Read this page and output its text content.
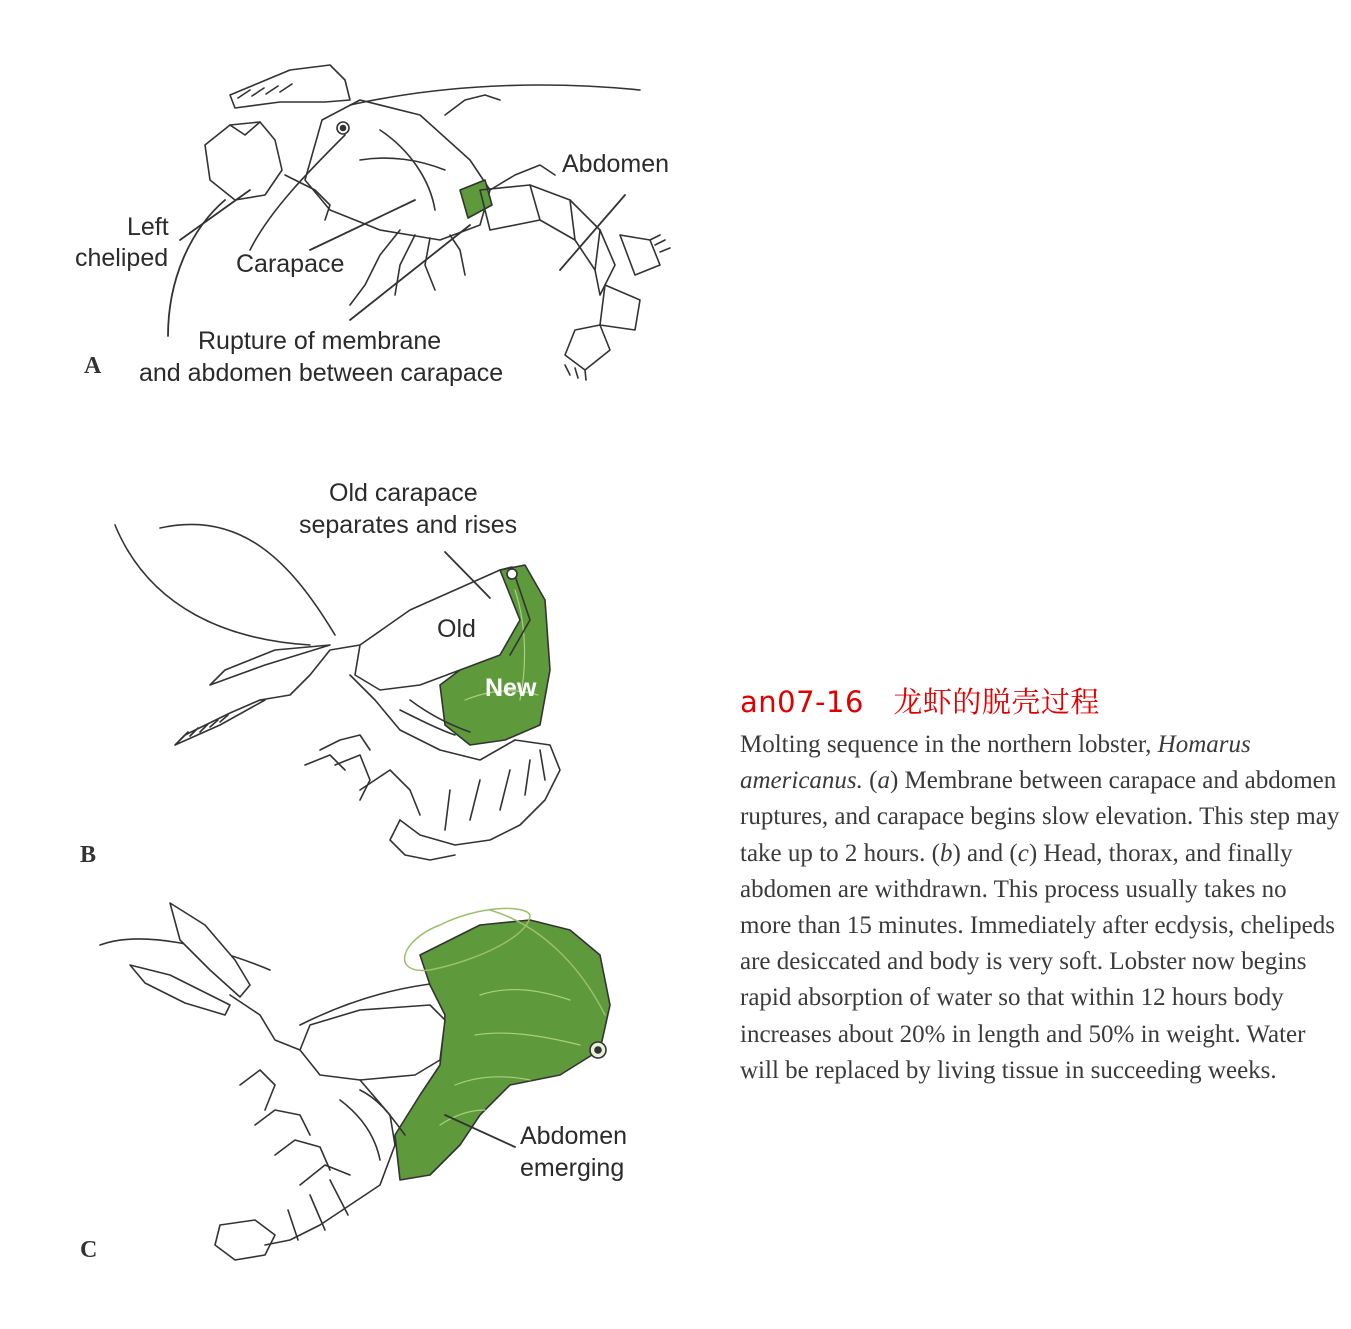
Abdomen
Left
cheliped	Carapace
Rupture of membrane
and abdomen between carapace
A
Old carapace
separates and rises
Old
New
B
Abdomen
emerging
C
an07-16　龙虾的脱壳过程

Molting sequence in the northern lobster, Homarus americanus. (a) Membrane between carapace and abdomen ruptures, and carapace begins slow elevation. This step may take up to 2 hours. (b) and (c) Head, thorax, and finally abdomen are withdrawn. This process usually takes no more than 15 minutes. Immediately after ecdysis, chelipeds are desiccated and body is very soft. Lobster now begins rapid absorption of water so that within 12 hours body increases about 20% in length and 50% in weight. Water will be replaced by living tissue in succeeding weeks.
